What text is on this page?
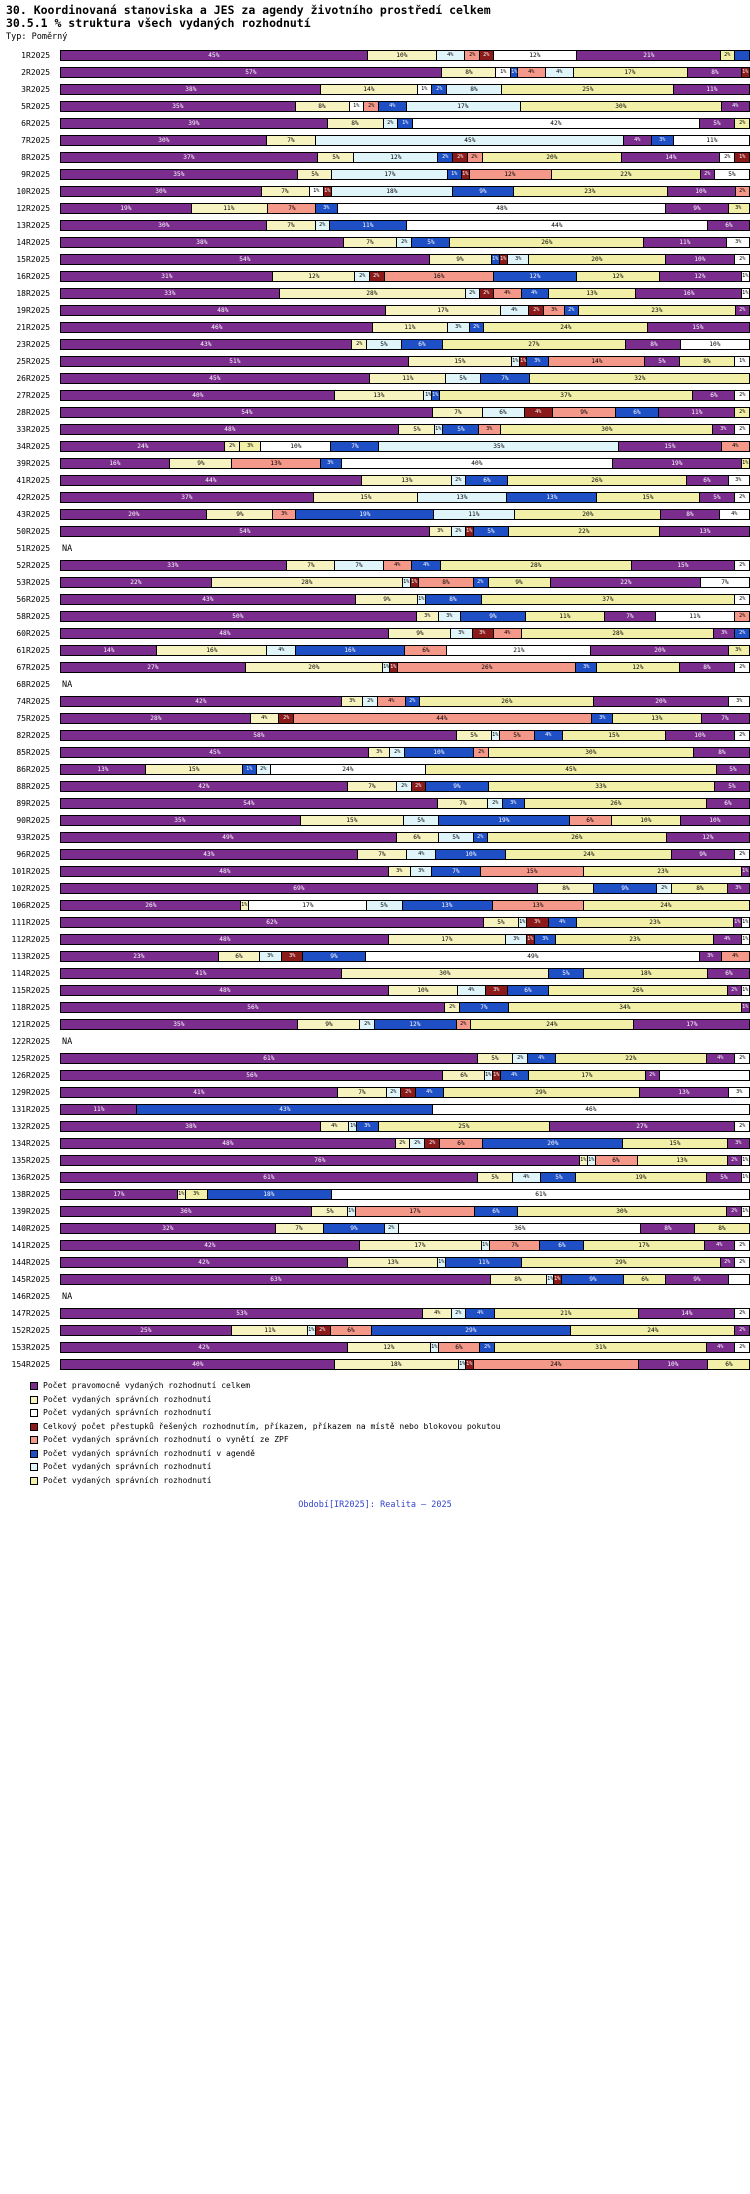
30. Koordinovaná stanoviska a JES za agendy životního prostředí celkem
30.5.1 % struktura všech vydaných rozhodnutí
Typ: Poměrný
1	R2025	45%	10%	4%	2% 2%	12%	21%	2%

2	R2025	57%	8%	1% 1% 4%	4%	17%	8%	1%

3	R2025	38%	14%	1% 2%	8%	25%	11%

5	R2025	35%	8%	1% 2%	4%	17%	30%	4%

6	R2025	39%	8%	2% 1%	42%	5%	2%

7	R2025	30%	7%	45%	4%	3%	11%

8	R2025	37%	5%	12%	2% 2% 2%	20%	14%	2% 1%

9	R2025	35%	5%	17%	1% 1%	12%	22%	2%	5%

10	R2025	30%	7%	1% 1%	18%	9%	23%	10%	2%

12	R2025	19%	11%	7%	3%	48%	9%	3%

13	R2025	30%	7%	2%	11%	44%	6%

14	R2025	38%	7%	2%	5%	26%	11%	3%

15	R2025	54%	9%	1% 1% 3%	20%	10%	2%

16	R2025	31%	12%	2% 2%	16%	12%	12%	12%	1%

18	R2025	33%	28%	2% 2%	4%	4%	13%	16%	1%

19	R2025	48%	17%	4%	2% 3% 2%	23%	2%

21	R2025	46%	11%	3% 2%	24%	15%

23	R2025	43%	2%	5%	6%	27%	8%	10%

25	R2025	51%	15%	1% 1% 3%	14%	5%	8%	1%

26	R2025	45% 11% 5% 7% 32%

27	R2025	40%	13%	1% 1%	37%	6%	2%

28	R2025	54%	7%	6%	4%	9%	6%	11%	2%

33	R2025	48%	5%	1% 5%	3%	30%	3% 2%

34	R2025	24%	2% 3%	10%	7%	35%	15%	4%

39	R2025	16%	9%	13%	3%	40%	19%	1%

41	R2025	44%	13%	2%	6%	26%	6%	3%

42	R2025	37%	15%	13%	13%	15%	5%	2%

43	R2025	20%	9%	3%	19%	11%	20%	8%	4%

50	R2025	54%	3% 2% 1% 5%	22%	13%

51	R2025	NA

52	R2025	33%	7%	7%	4%	4%	28%	15%	2%

53	R2025	22%	28%	1% 1%	8%	2%	9%	22%	7%

56	R2025	43%	9%	1%	8%	37%	2%

58	R2025	50%	3%	3%	9%	11%	7%	11%	2%

60	R2025	48%	9%	3%	3%	4%	28%	3% 2%

61	R2025	14%	16%	4%	16%	6%	21%	20%	3%

67	R2025	27%	20%	1% 1%	26%	3%	12%	8%	2%

68	R2025	NA

74	R2025	42%	3% 2%	4%	2%	26%	20%	3%

75	R2025	28%	4%	2%	44%	3%	13%	7%

82	R2025	58%	5%	1% 5%	4%	15%	10%	2%

85	R2025	45%	3% 2%	10%	2%	30%	8%

86	R2025	13%	15%	1% 2%	24%	45%	5%

88	R2025	42%	7%	2% 2%	9%	33%	5%

89	R2025	54%	7%	2% 3%	26%	6%

90	R2025	35%	15%	5%	19%	6%	10%	10%

93	R2025	49%	6%	5%	2%	26%	12%

96	R2025	43%	7%	4%	10%	24%	9%	2%

101	R2025	48%	3%	3%	7%	15%	23%	1%

102	R2025	69%	8%	9%	2%	8%	3%

106	R2025	26%	1%	17%	5%	13%	13%	24%

111	R2025	62%	5%	1% 3%	4%	23%	1% 1%

112	R2025	48%	17%	3% 1% 3%	23%	4% 1%

113	R2025	23%	6%	3%	3%	9%	49%	3%	4%

114	R2025	41% 30% 5% 18% 6%

115	R2025	48%	10%	4%	3%	6%	26%	2% 1%

118	R2025	56% 2% 7% 34% 1%

121	R2025	35%	9%	2%	12%	2%	24%	17%

122	R2025	NA

125	R2025	61%	5%	2%	4%	22%	4%	2%

126	R2025	56%	6%	1% 1% 4%	17%	2%

129	R2025	41%	7%	2% 2%	4%	29%	13%	3%

131	R2025	11% 43% 46%

132	R2025	38%	4% 1% 3%	25%	27%	2%

134	R2025	48%	2% 2% 2%	6%	20%	15%	3%

135	R2025	76%	1% 1%	6%	13%	2% 1%

136	R2025	61%	5%	4%	5%	19%	5%	1%

138	R2025	17% 1% 3% 18% 61%

139	R2025	36%	5%	1%	17%	6%	30%	2% 1%

140	R2025	32%	7%	9%	2%	36%	8%	8%

141	R2025	42%	17%	1%	7%	6%	17%	4%	2%

144	R2025	42%	13%	1%	11%	29%	2% 2%

145	R2025	63%	8%	1% 1%	9%	6%	9%

146	R2025	NA

147	R2025	53%	4%	2%	4%	21%	14%	2%

152	R2025	25%	11%	1% 2%	6%	29%	24%	2%

153	R2025	42%	12%	1%	6%	2%	31%	4%	2%

154	R2025	40%	18%	1% 1%	24%	10%	6%
Počet pravomocně vydaných rozhodnutí celkem
Počet vydaných správních rozhodnutí
Počet vydaných správních rozhodnutí
Celkový počet přestupků řešených rozhodnutím, příkazem, příkazem na místě nebo blokovou pokutou
Počet vydaných správních rozhodnutí o vynětí ze ZPF
Počet vydaných správních rozhodnutí v agendě
Počet vydaných správních rozhodnutí
Počet vydaných správních rozhodnutí
Období[IR2025]: Realita — 2025
